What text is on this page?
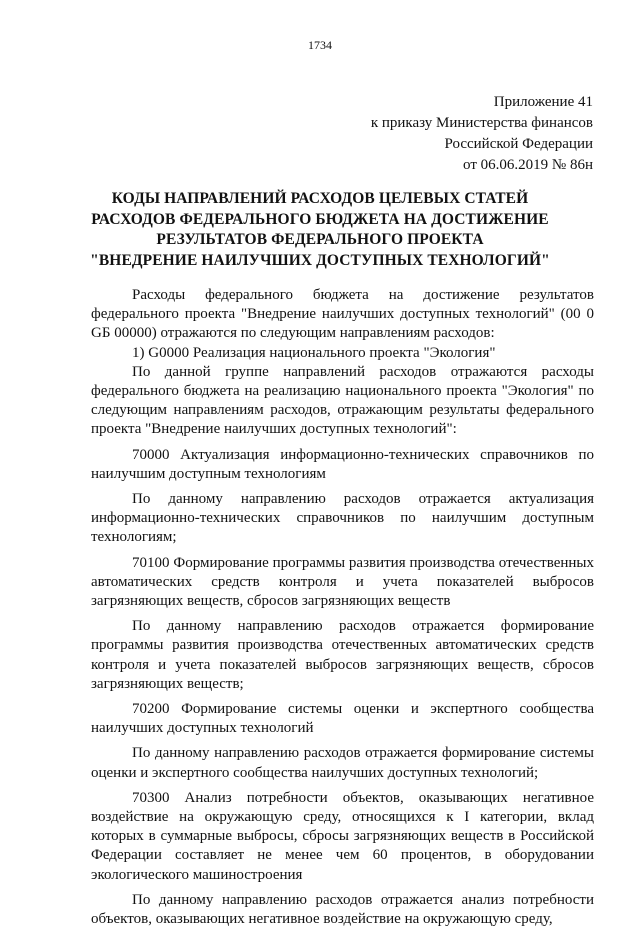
1734
Приложение 41
к приказу Министерства финансов
Российской Федерации
от 06.06.2019 № 86н
КОДЫ НАПРАВЛЕНИЙ РАСХОДОВ ЦЕЛЕВЫХ СТАТЕЙ
РАСХОДОВ ФЕДЕРАЛЬНОГО БЮДЖЕТА НА ДОСТИЖЕНИЕ
РЕЗУЛЬТАТОВ ФЕДЕРАЛЬНОГО ПРОЕКТА
"ВНЕДРЕНИЕ НАИЛУЧШИХ ДОСТУПНЫХ ТЕХНОЛОГИЙ"

Расходы федерального бюджета на достижение результатов федерального проекта "Внедрение наилучших доступных технологий" (00 0 GБ 00000) отражаются по следующим направлениям расходов:

1) G0000 Реализация национального проекта "Экология"

По данной группе направлений расходов отражаются расходы федерального бюджета на реализацию национального проекта "Экология" по следующим направлениям расходов, отражающим результаты федерального проекта "Внедрение наилучших доступных технологий":

70000 Актуализация информационно-технических справочников по наилучшим доступным технологиям

По данному направлению расходов отражается актуализация информационно-технических справочников по наилучшим доступным технологиям;

70100 Формирование программы развития производства отечественных автоматических средств контроля и учета показателей выбросов загрязняющих веществ, сбросов загрязняющих веществ

По данному направлению расходов отражается формирование программы развития производства отечественных автоматических средств контроля и учета показателей выбросов загрязняющих веществ, сбросов загрязняющих веществ;

70200 Формирование системы оценки и экспертного сообщества наилучших доступных технологий

По данному направлению расходов отражается формирование системы оценки и экспертного сообщества наилучших доступных технологий;

70300 Анализ потребности объектов, оказывающих негативное воздействие на окружающую среду, относящихся к I категории, вклад которых в суммарные выбросы, сбросы загрязняющих веществ в Российской Федерации составляет не менее чем 60 процентов, в оборудовании экологического машиностроения

По данному направлению расходов отражается анализ потребности объектов, оказывающих негативное воздействие на окружающую среду,
